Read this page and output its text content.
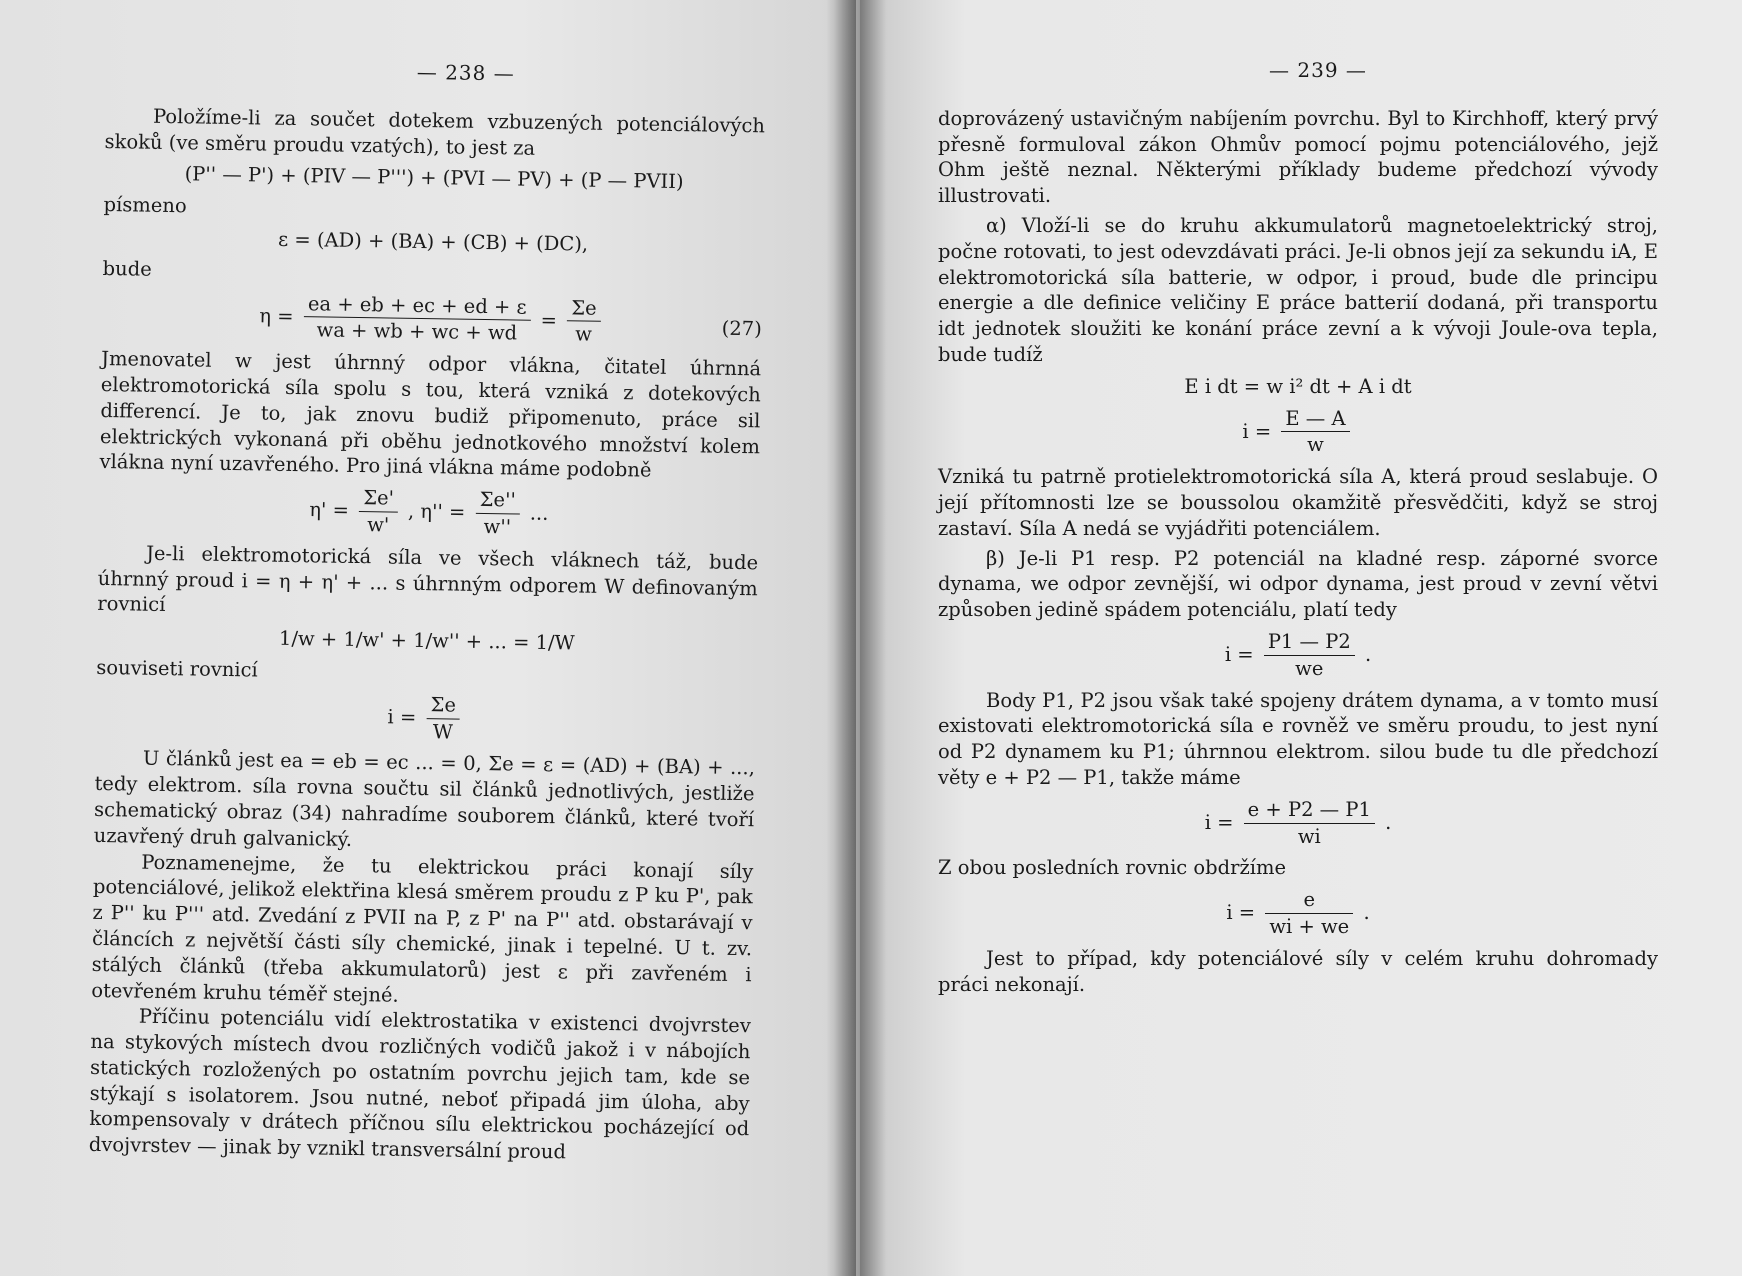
— 238 —

Položíme-li za součet dotekem vzbuzených potenciálových skoků (ve směru proudu vzatých), to jest za

(P'' — P') + (PIV — P''') + (PVI — PV) + (P — PVII)
písmeno
ε = (AD) + (BA) + (CB) + (DC),
bude
$\eta = \frac{ea + eb + ec + ed + \varepsilon}{wa + wb + wc + wd} = \frac{\Sigma e}{w}$	(27)

Jmenovatel w jest úhrnný odpor vlákna, čitatel úhrnná elektromotorická síla spolu s tou, která vzniká z dotekových differencí. Je to, jak znovu budiž připomenuto, práce sil elektrických vykonaná při oběhu jednotkového množství kolem vlákna nyní uzavřeného. Pro jiná vlákna máme podobně

$\eta' = \frac{\Sigma e'}{w'}$ , $\eta'' = \frac{\Sigma e''}{w''}$ ...

Je-li elektromotorická síla ve všech vláknech táž, bude úhrnný proud i = η + η' + ... s úhrnným odporem W definovaným rovnicí

1/w + 1/w' + 1/w'' + ... = 1/W
souviseti rovnicí
$i = \frac{\Sigma e}{W}$

U článků jest ea = eb = ec ... = 0, Σe = ε = (AD) + (BA) + ..., tedy elektrom. síla rovna součtu sil článků jednotlivých, jestliže schematický obraz (34) nahradíme souborem článků, které tvoří uzavřený druh galvanický.

Poznamenejme, že tu elektrickou práci konají síly potenciálové, jelikož elektřina klesá směrem proudu z P ku P', pak z P'' ku P''' atd. Zvedání z PVII na P, z P' na P'' atd. obstarávají v článcích z největší části síly chemické, jinak i tepelné. U t. zv. stálých článků (třeba akkumulatorů) jest ε při zavřeném i otevřeném kruhu téměř stejné.

Příčinu potenciálu vidí elektrostatika v existenci dvojvrstev na stykových místech dvou rozličných vodičů jakož i v nábojích statických rozložených po ostatním povrchu jejich tam, kde se stýkají s isolatorem. Jsou nutné, neboť připadá jim úloha, aby kompensovaly v drátech příčnou sílu elektrickou pocházející od dvojvrstev — jinak by vznikl transversální proud

— 239 —

doprovázený ustavičným nabíjením povrchu. Byl to Kirchhoff, který prvý přesně formuloval zákon Ohmův pomocí pojmu potenciálového, jejž Ohm ještě neznal. Některými příklady budeme předchozí vývody illustrovati.

α) Vloží-li se do kruhu akkumulatorů magnetoelektrický stroj, počne rotovati, to jest odevzdávati práci. Je-li obnos její za sekundu iA, E elektromotorická síla batterie, w odpor, i proud, bude dle principu energie a dle definice veličiny E práce batterií dodaná, při transportu idt jednotek sloužiti ke konání práce zevní a k vývoji Joule-ova tepla, bude tudíž

E i dt = w i² dt + A i dt
$i = \frac{E — A}{w}$

Vzniká tu patrně protielektromotorická síla A, která proud seslabuje. O její přítomnosti lze se boussolou okamžitě přesvědčiti, když se stroj zastaví. Síla A nedá se vyjádřiti potenciálem.

β) Je-li P1 resp. P2 potenciál na kladné resp. záporné svorce dynama, we odpor zevnější, wi odpor dynama, jest proud v zevní větvi způsoben jedině spádem potenciálu, platí tedy

$i = \frac{P1 — P2}{we}$ .

Body P1, P2 jsou však také spojeny drátem dynama, a v tomto musí existovati elektromotorická síla e rovněž ve směru proudu, to jest nyní od P2 dynamem ku P1; úhrnnou elektrom. silou bude tu dle předchozí věty e + P2 — P1, takže máme

$i = \frac{e + P2 — P1}{wi}$ .

Z obou posledních rovnic obdržíme

$i = \frac{e}{wi + we}$ .

Jest to případ, kdy potenciálové síly v celém kruhu dohromady práci nekonají.
